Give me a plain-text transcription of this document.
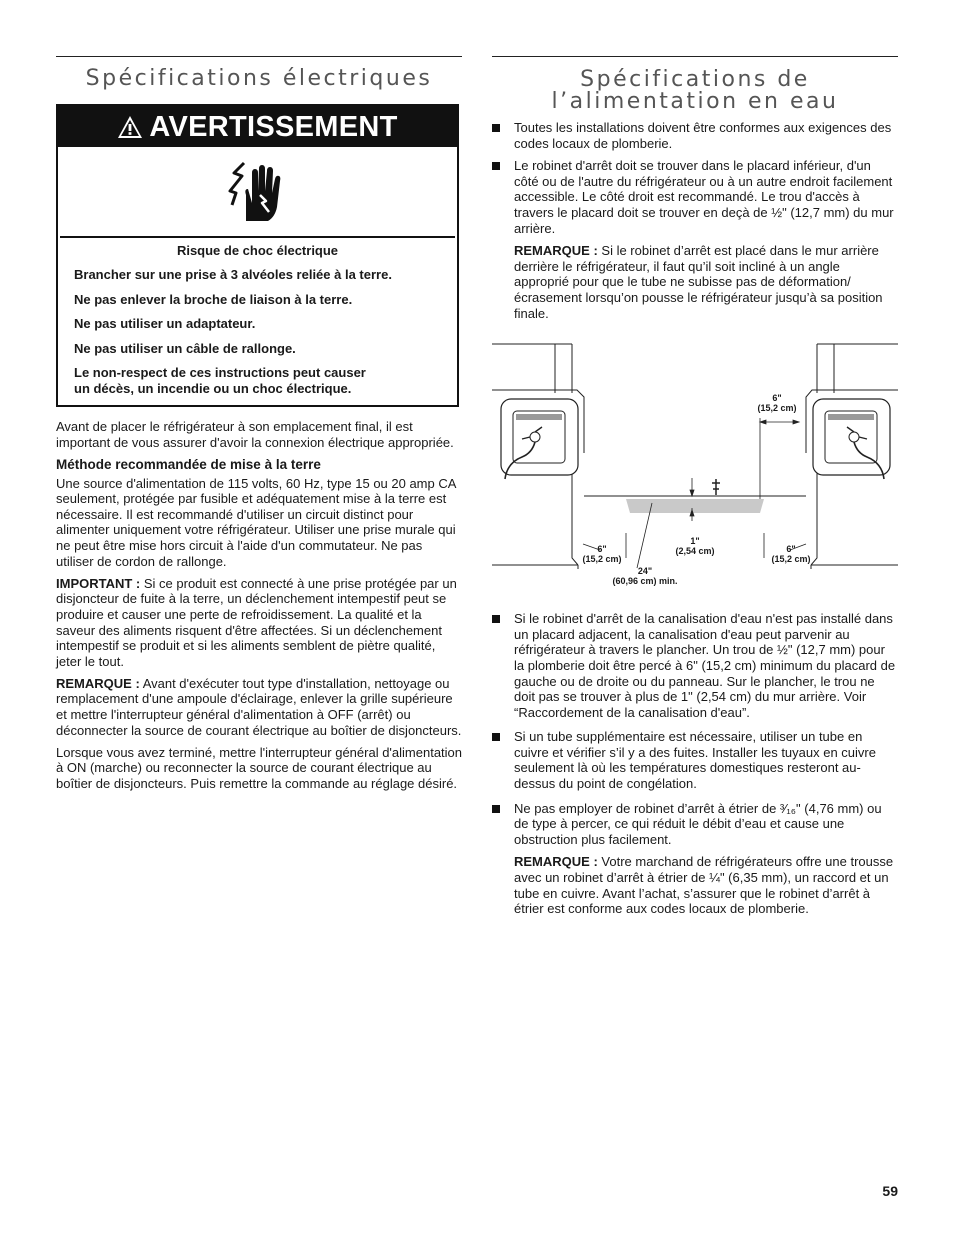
Spécifications électriques
AVERTISSEMENT

Risque de choc électrique

Brancher sur une prise à 3 alvéoles reliée à la terre.

Ne pas enlever la broche de liaison à la terre.

Ne pas utiliser un adaptateur.

Ne pas utiliser un câble de rallonge.

Le non-respect de ces instructions peut causer un décès, un incendie ou un choc électrique.

Avant de placer le réfrigérateur à son emplacement final, il est important de vous assurer d'avoir la connexion électrique appropriée.

Méthode recommandée de mise à la terre

Une source d'alimentation de 115 volts, 60 Hz, type 15 ou 20 amp CA seulement, protégée par fusible et adéquatement mise à la terre est nécessaire. Il est recommandé d'utiliser un circuit distinct pour alimenter uniquement votre réfrigérateur. Utiliser une prise murale qui ne peut être mise hors circuit à l'aide d'un commutateur. Ne pas utiliser de cordon de rallonge.

IMPORTANT : Si ce produit est connecté à une prise protégée par un disjoncteur de fuite à la terre, un déclenchement intempestif peut se produire et causer une perte de refroidissement. La qualité et la saveur des aliments risquent d'être affectées. Si un déclenchement intempestif se produit et si les aliments semblent de piètre qualité, jeter le tout.

REMARQUE : Avant d'exécuter tout type d'installation, nettoyage ou remplacement d'une ampoule d'éclairage, enlever la grille supérieure et mettre l'interrupteur général d'alimentation à OFF (arrêt) ou déconnecter la source de courant électrique au boîtier de disjoncteurs.

Lorsque vous avez terminé, mettre l'interrupteur général d'alimentation à ON (marche) ou reconnecter la source de courant électrique au boîtier de disjoncteurs. Puis remettre la commande au réglage désiré.

Spécifications de l’alimentation en eau
Toutes les installations doivent être conformes aux exigences des codes locaux de plomberie.
Le robinet d'arrêt doit se trouver dans le placard inférieur, d'un côté ou de l'autre du réfrigérateur ou à un autre endroit facilement accessible. Le côté droit est recommandé. Le trou d'accès à travers le placard doit se trouver en deçà de ½" (12,7 mm) du mur arrière.

REMARQUE : Si le robinet d’arrêt est placé dans le mur arrière derrière le réfrigérateur, il faut qu’il soit incliné à un angle approprié pour que le tube ne subisse pas de déformation/écrasement lorsqu’on pousse le réfrigérateur jusqu’à sa position finale.

6"
(15,2 cm)
6"
(15,2 cm)
1"
(2,54 cm)	6"
(15,2 cm)
24"
(60,96 cm) min.
Si le robinet d'arrêt de la canalisation d'eau n'est pas installé dans un placard adjacent, la canalisation d'eau peut parvenir au réfrigérateur à travers le plancher. Un trou de ½" (12,7 mm) pour la plomberie doit être percé à 6" (15,2 cm) minimum du placard de gauche ou de droite ou du panneau. Sur le plancher, le trou ne doit pas se trouver à plus de 1" (2,54 cm) du mur arrière. Voir “Raccordement de la canalisation d'eau”.
Si un tube supplémentaire est nécessaire, utiliser un tube en cuivre et vérifier s’il y a des fuites. Installer les tuyaux en cuivre seulement là où les températures domestiques resteront au-dessus du point de congélation.
Ne pas employer de robinet d’arrêt à étrier de ³⁄₁₆" (4,76 mm) ou de type à percer, ce qui réduit le débit d’eau et cause une obstruction plus facilement.

REMARQUE : Votre marchand de réfrigérateurs offre une trousse avec un robinet d’arrêt à étrier de ¼" (6,35 mm), un raccord et un tube en cuivre. Avant l’achat, s’assurer que le robinet d’arrêt à étrier est conforme aux codes locaux de plomberie.

59
